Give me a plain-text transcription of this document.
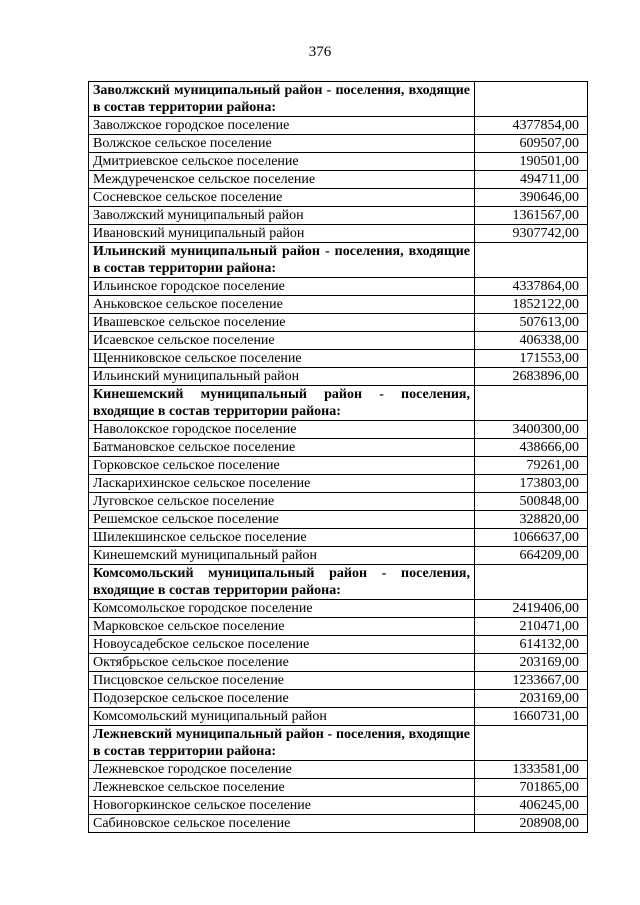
376
Заволжский муниципальный район - поселения, входящие в состав территории района:	
Заволжское городское поселение	4377854,00
Волжское сельское поселение	609507,00
Дмитриевское сельское поселение	190501,00
Междуреченское сельское поселение	494711,00
Сосневское сельское поселение	390646,00
Заволжский муниципальный район	1361567,00
Ивановский муниципальный район	9307742,00
Ильинский муниципальный район - поселения, входящие в состав территории района:	
Ильинское городское поселение	4337864,00
Аньковское сельское поселение	1852122,00
Ивашевское сельское поселение	507613,00
Исаевское сельское поселение	406338,00
Щенниковское сельское поселение	171553,00
Ильинский муниципальный район	2683896,00
Кинешемский муниципальный район - поселения, входящие в состав территории района:	
Наволокское городское поселение	3400300,00
Батмановское сельское поселение	438666,00
Горковское сельское поселение	79261,00
Ласкарихинское сельское поселение	173803,00
Луговское сельское поселение	500848,00
Решемское сельское поселение	328820,00
Шилекшинское сельское поселение	1066637,00
Кинешемский муниципальный район	664209,00
Комсомольский муниципальный район - поселения, входящие в состав территории района:	
Комсомольское городское поселение	2419406,00
Марковское сельское поселение	210471,00
Новоусадебское сельское поселение	614132,00
Октябрьское сельское поселение	203169,00
Писцовское сельское поселение	1233667,00
Подозерское сельское поселение	203169,00
Комсомольский муниципальный район	1660731,00
Лежневский муниципальный район - поселения, входящие в состав территории района:	
Лежневское городское поселение	1333581,00
Лежневское сельское поселение	701865,00
Новогоркинское сельское поселение	406245,00
Сабиновское сельское поселение	208908,00
